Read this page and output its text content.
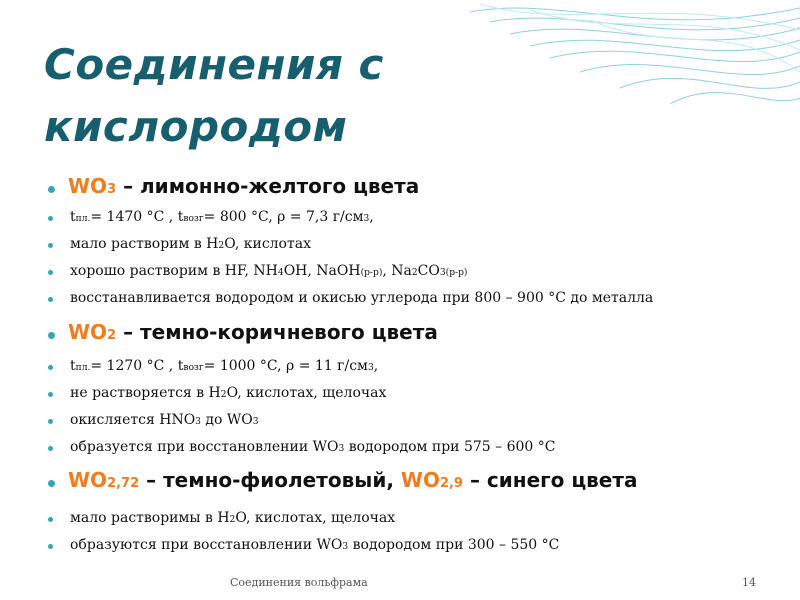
Соединения с
кислородом
$WO_3$ – лимонно-желтого цвета
$t_{пл.}= 1470$ °C , $t_{возг}= 800$ °C, ρ = 7,3 $г/см^3$,
мало растворим в $H_2O$, кислотах
хорошо растворим в HF, $NH_4OH$, NaOH$_{(р-р)}$, $Na_2CO_{3(р-р)}$
восстанавливается водородом и окисью углерода при 800 – 900 °C до металла
$WO_2$ – темно-коричневого цвета
$t_{пл.}= 1270$ °C , $t_{возг}= 1000$ °C, ρ = 11 $г/см^3$,
не растворяется в $H_2O$, кислотах, щелочах
окисляется $HNO_3$ до $WO_3$
образуется при восстановлении $WO_3$ водородом при 575 – 600 °C
$WO_{2,72}$ – темно-фиолетовый, $WO_{2,9}$ – синего цвета
мало растворимы в $H_2O$, кислотах, щелочах
образуются при восстановлении $WO_3$ водородом при 300 – 550 °C
Соединения вольфрама	14
